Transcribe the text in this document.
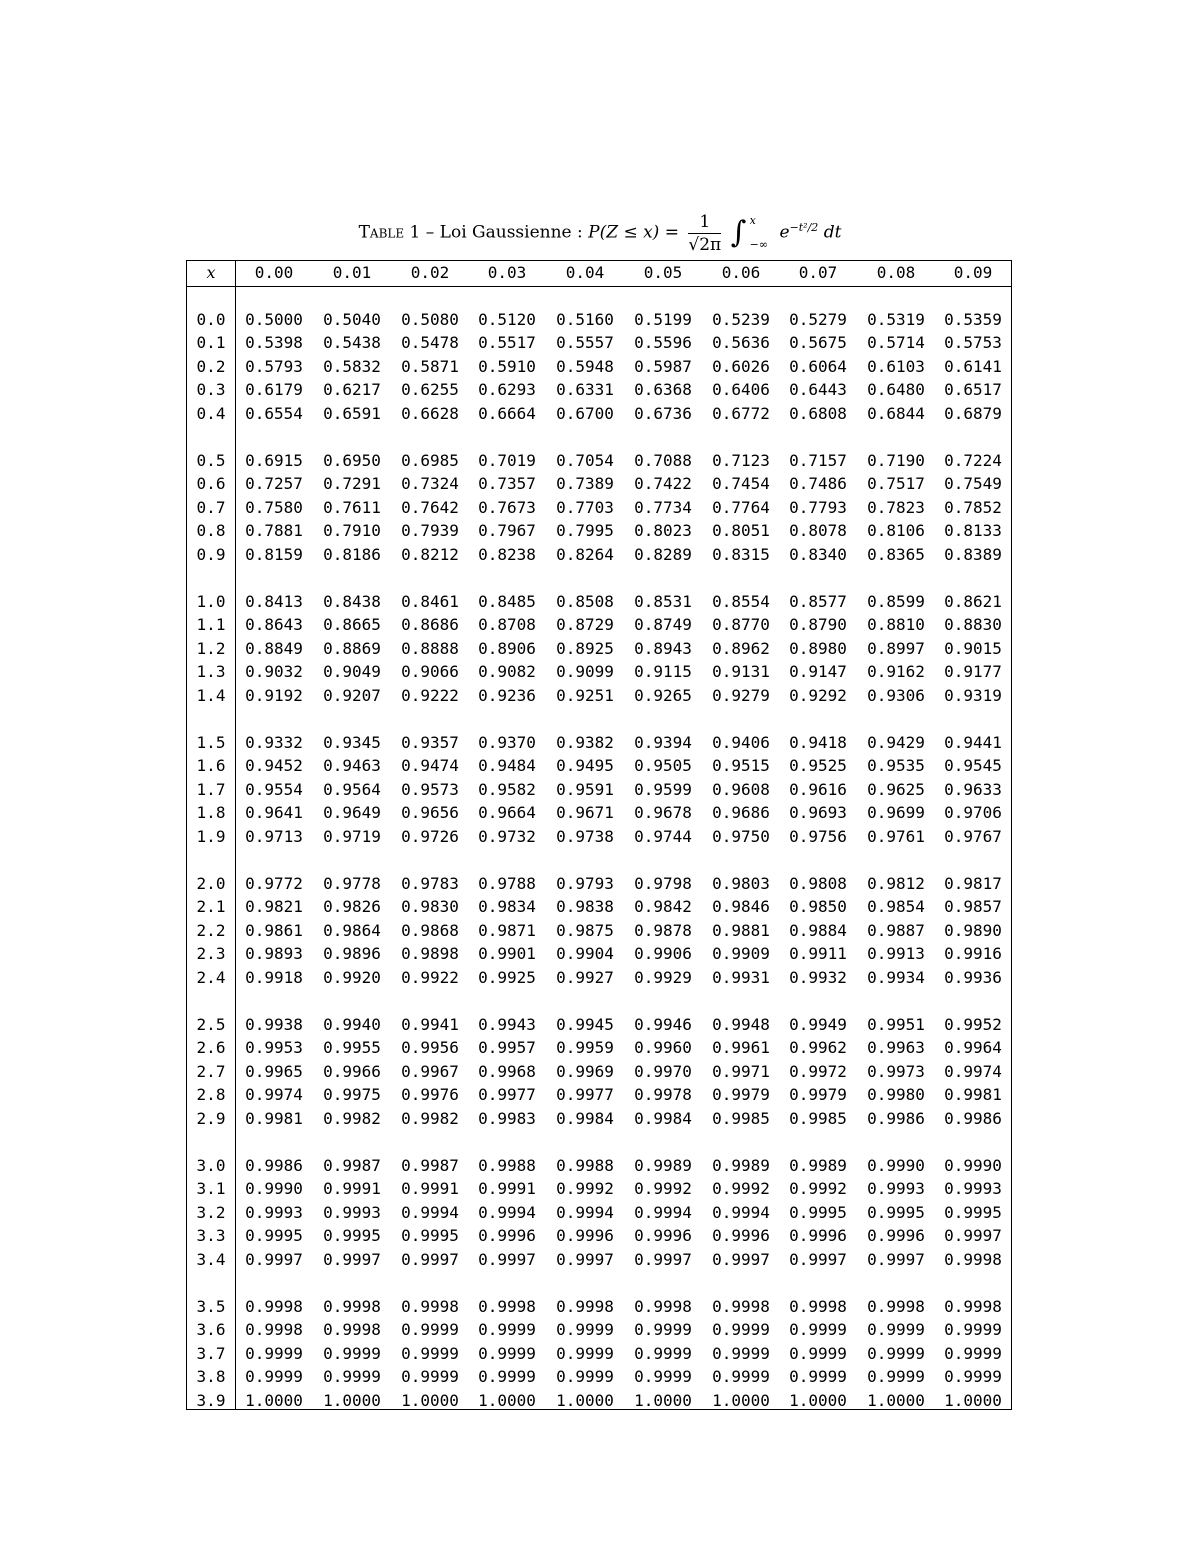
Table 1 – Loi Gaussienne : $P(Z \le x) = \frac{1}{√2\pi}$ ∫ x
−∞
$e^{-t^2/2}$ dt
x	0.00	0.01	0.02	0.03	0.04	0.05	0.06	0.07	0.08	0.09
0.0	0.5000	0.5040	0.5080	0.5120	0.5160	0.5199	0.5239	0.5279	0.5319	0.5359
0.1	0.5398	0.5438	0.5478	0.5517	0.5557	0.5596	0.5636	0.5675	0.5714	0.5753
0.2	0.5793	0.5832	0.5871	0.5910	0.5948	0.5987	0.6026	0.6064	0.6103	0.6141
0.3	0.6179	0.6217	0.6255	0.6293	0.6331	0.6368	0.6406	0.6443	0.6480	0.6517
0.4	0.6554	0.6591	0.6628	0.6664	0.6700	0.6736	0.6772	0.6808	0.6844	0.6879
0.5	0.6915	0.6950	0.6985	0.7019	0.7054	0.7088	0.7123	0.7157	0.7190	0.7224
0.6	0.7257	0.7291	0.7324	0.7357	0.7389	0.7422	0.7454	0.7486	0.7517	0.7549
0.7	0.7580	0.7611	0.7642	0.7673	0.7703	0.7734	0.7764	0.7793	0.7823	0.7852
0.8	0.7881	0.7910	0.7939	0.7967	0.7995	0.8023	0.8051	0.8078	0.8106	0.8133
0.9	0.8159	0.8186	0.8212	0.8238	0.8264	0.8289	0.8315	0.8340	0.8365	0.8389
1.0	0.8413	0.8438	0.8461	0.8485	0.8508	0.8531	0.8554	0.8577	0.8599	0.8621
1.1	0.8643	0.8665	0.8686	0.8708	0.8729	0.8749	0.8770	0.8790	0.8810	0.8830
1.2	0.8849	0.8869	0.8888	0.8906	0.8925	0.8943	0.8962	0.8980	0.8997	0.9015
1.3	0.9032	0.9049	0.9066	0.9082	0.9099	0.9115	0.9131	0.9147	0.9162	0.9177
1.4	0.9192	0.9207	0.9222	0.9236	0.9251	0.9265	0.9279	0.9292	0.9306	0.9319
1.5	0.9332	0.9345	0.9357	0.9370	0.9382	0.9394	0.9406	0.9418	0.9429	0.9441
1.6	0.9452	0.9463	0.9474	0.9484	0.9495	0.9505	0.9515	0.9525	0.9535	0.9545
1.7	0.9554	0.9564	0.9573	0.9582	0.9591	0.9599	0.9608	0.9616	0.9625	0.9633
1.8	0.9641	0.9649	0.9656	0.9664	0.9671	0.9678	0.9686	0.9693	0.9699	0.9706
1.9	0.9713	0.9719	0.9726	0.9732	0.9738	0.9744	0.9750	0.9756	0.9761	0.9767
2.0	0.9772	0.9778	0.9783	0.9788	0.9793	0.9798	0.9803	0.9808	0.9812	0.9817
2.1	0.9821	0.9826	0.9830	0.9834	0.9838	0.9842	0.9846	0.9850	0.9854	0.9857
2.2	0.9861	0.9864	0.9868	0.9871	0.9875	0.9878	0.9881	0.9884	0.9887	0.9890
2.3	0.9893	0.9896	0.9898	0.9901	0.9904	0.9906	0.9909	0.9911	0.9913	0.9916
2.4	0.9918	0.9920	0.9922	0.9925	0.9927	0.9929	0.9931	0.9932	0.9934	0.9936
2.5	0.9938	0.9940	0.9941	0.9943	0.9945	0.9946	0.9948	0.9949	0.9951	0.9952
2.6	0.9953	0.9955	0.9956	0.9957	0.9959	0.9960	0.9961	0.9962	0.9963	0.9964
2.7	0.9965	0.9966	0.9967	0.9968	0.9969	0.9970	0.9971	0.9972	0.9973	0.9974
2.8	0.9974	0.9975	0.9976	0.9977	0.9977	0.9978	0.9979	0.9979	0.9980	0.9981
2.9	0.9981	0.9982	0.9982	0.9983	0.9984	0.9984	0.9985	0.9985	0.9986	0.9986
3.0	0.9986	0.9987	0.9987	0.9988	0.9988	0.9989	0.9989	0.9989	0.9990	0.9990
3.1	0.9990	0.9991	0.9991	0.9991	0.9992	0.9992	0.9992	0.9992	0.9993	0.9993
3.2	0.9993	0.9993	0.9994	0.9994	0.9994	0.9994	0.9994	0.9995	0.9995	0.9995
3.3	0.9995	0.9995	0.9995	0.9996	0.9996	0.9996	0.9996	0.9996	0.9996	0.9997
3.4	0.9997	0.9997	0.9997	0.9997	0.9997	0.9997	0.9997	0.9997	0.9997	0.9998
3.5	0.9998	0.9998	0.9998	0.9998	0.9998	0.9998	0.9998	0.9998	0.9998	0.9998
3.6	0.9998	0.9998	0.9999	0.9999	0.9999	0.9999	0.9999	0.9999	0.9999	0.9999
3.7	0.9999	0.9999	0.9999	0.9999	0.9999	0.9999	0.9999	0.9999	0.9999	0.9999
3.8	0.9999	0.9999	0.9999	0.9999	0.9999	0.9999	0.9999	0.9999	0.9999	0.9999
3.9	1.0000	1.0000	1.0000	1.0000	1.0000	1.0000	1.0000	1.0000	1.0000	1.0000
